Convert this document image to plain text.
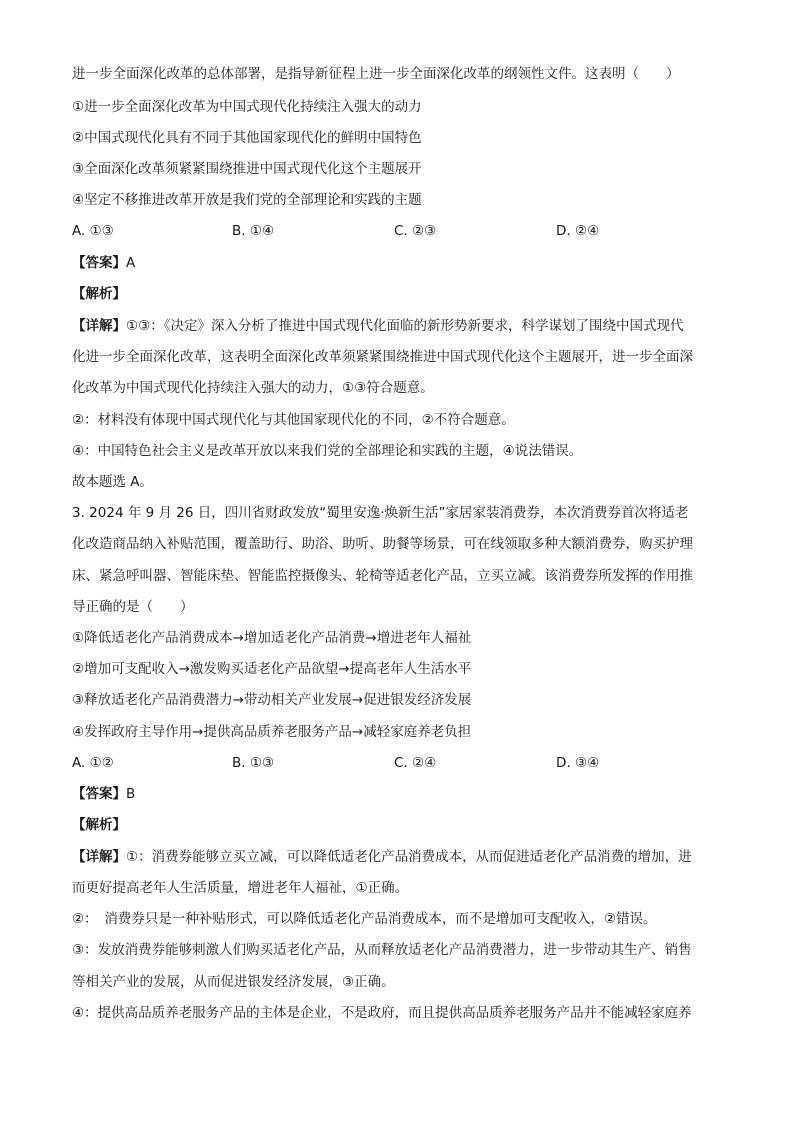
进一步全面深化改革的总体部署，是指导新征程上进一步全面深化改革的纲领性文件。这表明（　　）
①进一步全面深化改革为中国式现代化持续注入强大的动力
②中国式现代化具有不同于其他国家现代化的鲜明中国特色
③全面深化改革须紧紧围绕推进中国式现代化这个主题展开
④坚定不移推进改革开放是我们党的全部理论和实践的主题
A. ①③	B. ①④	C. ②③	D. ②④
【答案】A
【解析】
【详解】①③：《决定》深入分析了推进中国式现代化面临的新形势新要求，科学谋划了围绕中国式现代
化进一步全面深化改革，这表明全面深化改革须紧紧围绕推进中国式现代化这个主题展开，进一步全面深
化改革为中国式现代化持续注入强大的动力，①③符合题意。
②：材料没有体现中国式现代化与其他国家现代化的不同，②不符合题意。
④：中国特色社会主义是改革开放以来我们党的全部理论和实践的主题，④说法错误。
故本题选 A。
3. 2024 年 9 月 26 日，四川省财政发放“蜀里安逸·焕新生活”家居家装消费券，本次消费券首次将适老
化改造商品纳入补贴范围，覆盖助行、助浴、助听、助餐等场景，可在线领取多种大额消费券，购买护理
床、紧急呼叫器、智能床垫、智能监控摄像头、轮椅等适老化产品，立买立减。该消费券所发挥的作用推
导正确的是（　　）
①降低适老化产品消费成本→增加适老化产品消费→增进老年人福祉
②增加可支配收入→激发购买适老化产品欲望→提高老年人生活水平
③释放适老化产品消费潜力→带动相关产业发展→促进银发经济发展
④发挥政府主导作用→提供高品质养老服务产品→减轻家庭养老负担
A. ①②	B. ①③	C. ②④	D. ③④
【答案】B
【解析】
【详解】①：消费券能够立买立减，可以降低适老化产品消费成本，从而促进适老化产品消费的增加，进
而更好提高老年人生活质量，增进老年人福祉，①正确。
②：　消费券只是一种补贴形式，可以降低适老化产品消费成本，而不是增加可支配收入，②错误。
③：发放消费券能够刺激人们购买适老化产品，从而释放适老化产品消费潜力，进一步带动其生产、销售
等相关产业的发展，从而促进银发经济发展，③正确。
④：提供高品质养老服务产品的主体是企业，不是政府，而且提供高品质养老服务产品并不能减轻家庭养
